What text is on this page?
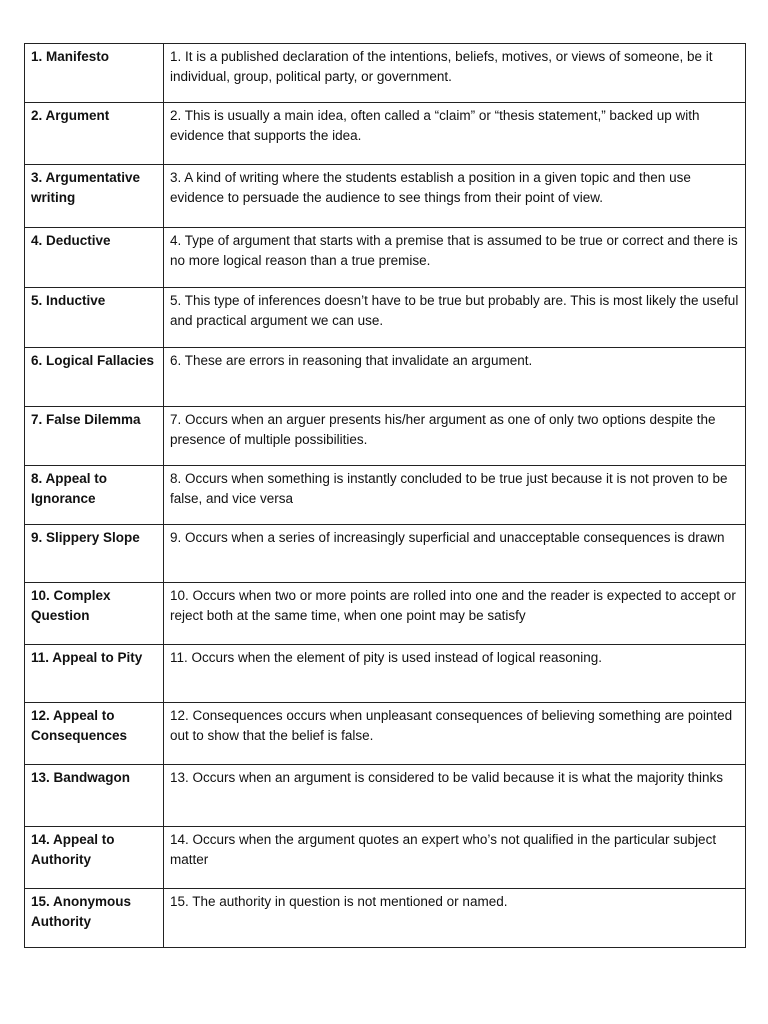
1. Manifesto	1. It is a published declaration of the intentions, beliefs, motives, or views of someone, be it individual, group, political party, or government.
2. Argument	2. This is usually a main idea, often called a “claim” or “thesis statement,” backed up with evidence that supports the idea.
3. Argumentative writing	3. A kind of writing where the students establish a position in a given topic and then use evidence to persuade the audience to see things from their point of view.
4. Deductive	4. Type of argument that starts with a premise that is assumed to be true or correct and there is no more logical reason than a true premise.
5. Inductive	5. This type of inferences doesn’t have to be true but probably are. This is most likely the useful and practical argument we can use.
6. Logical Fallacies	6. These are errors in reasoning that invalidate an argument.
7. False Dilemma	7. Occurs when an arguer presents his/her argument as one of only two options despite the presence of multiple possibilities.
8. Appeal to Ignorance	8. Occurs when something is instantly concluded to be true just because it is not proven to be false, and vice versa
9. Slippery Slope	9. Occurs when a series of increasingly superficial and unacceptable consequences is drawn
10. Complex Question	10. Occurs when two or more points are rolled into one and the reader is expected to accept or reject both at the same time, when one point may be satisfy
11. Appeal to Pity	11. Occurs when the element of pity is used instead of logical reasoning.
12. Appeal to Consequences	12. Consequences occurs when unpleasant consequences of believing something are pointed out to show that the belief is false.
13. Bandwagon	13. Occurs when an argument is considered to be valid because it is what the majority thinks
14. Appeal to Authority	14. Occurs when the argument quotes an expert who’s not qualified in the particular subject matter
15. Anonymous Authority	15. The authority in question is not mentioned or named.
